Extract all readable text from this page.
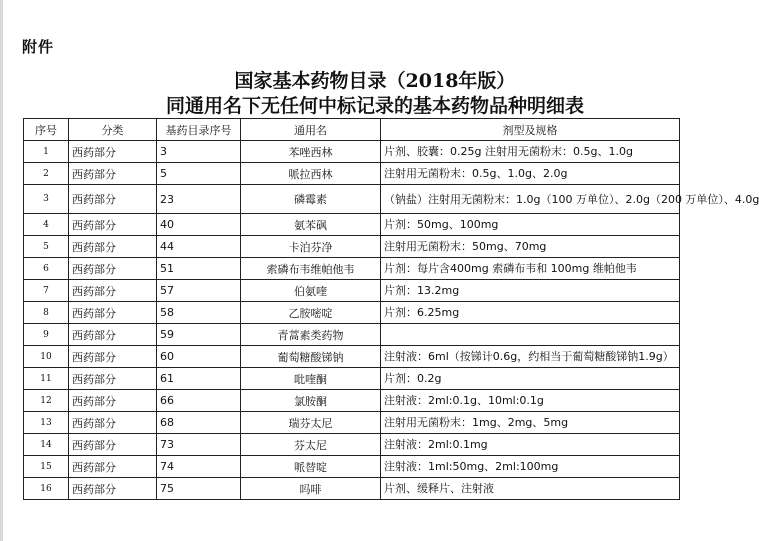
附件
国家基本药物目录（2018年版）
同通用名下无任何中标记录的基本药物品种明细表
序号	分类	基药目录序号	通用名	剂型及规格
1	西药部分	3	苯唑西林	片剂、胶囊：0.25g 注射用无菌粉末：0.5g、1.0g
2	西药部分	5	哌拉西林	注射用无菌粉末：0.5g、1.0g、2.0g
3	西药部分	23	磷霉素	（钠盐）注射用无菌粉末：1.0g（100 万单位）、2.0g（200 万单位）、4.0g
4	西药部分	40	氨苯砜	片剂：50mg、100mg
5	西药部分	44	卡泊芬净	注射用无菌粉末：50mg、70mg
6	西药部分	51	索磷布韦维帕他韦	片剂：每片含400mg 索磷布韦和 100mg 维帕他韦
7	西药部分	57	伯氨喹	片剂：13.2mg
8	西药部分	58	乙胺嘧啶	片剂：6.25mg
9	西药部分	59	青蒿素类药物	
10	西药部分	60	葡萄糖酸锑钠	注射液：6ml（按锑计0.6g，约相当于葡萄糖酸锑钠1.9g）
11	西药部分	61	吡喹酮	片剂：0.2g
12	西药部分	66	氯胺酮	注射液：2ml:0.1g、10ml:0.1g
13	西药部分	68	瑞芬太尼	注射用无菌粉末：1mg、2mg、5mg
14	西药部分	73	芬太尼	注射液：2ml:0.1mg
15	西药部分	74	哌替啶	注射液：1ml:50mg、2ml:100mg
16	西药部分	75	吗啡	片剂、缓释片、注射液
